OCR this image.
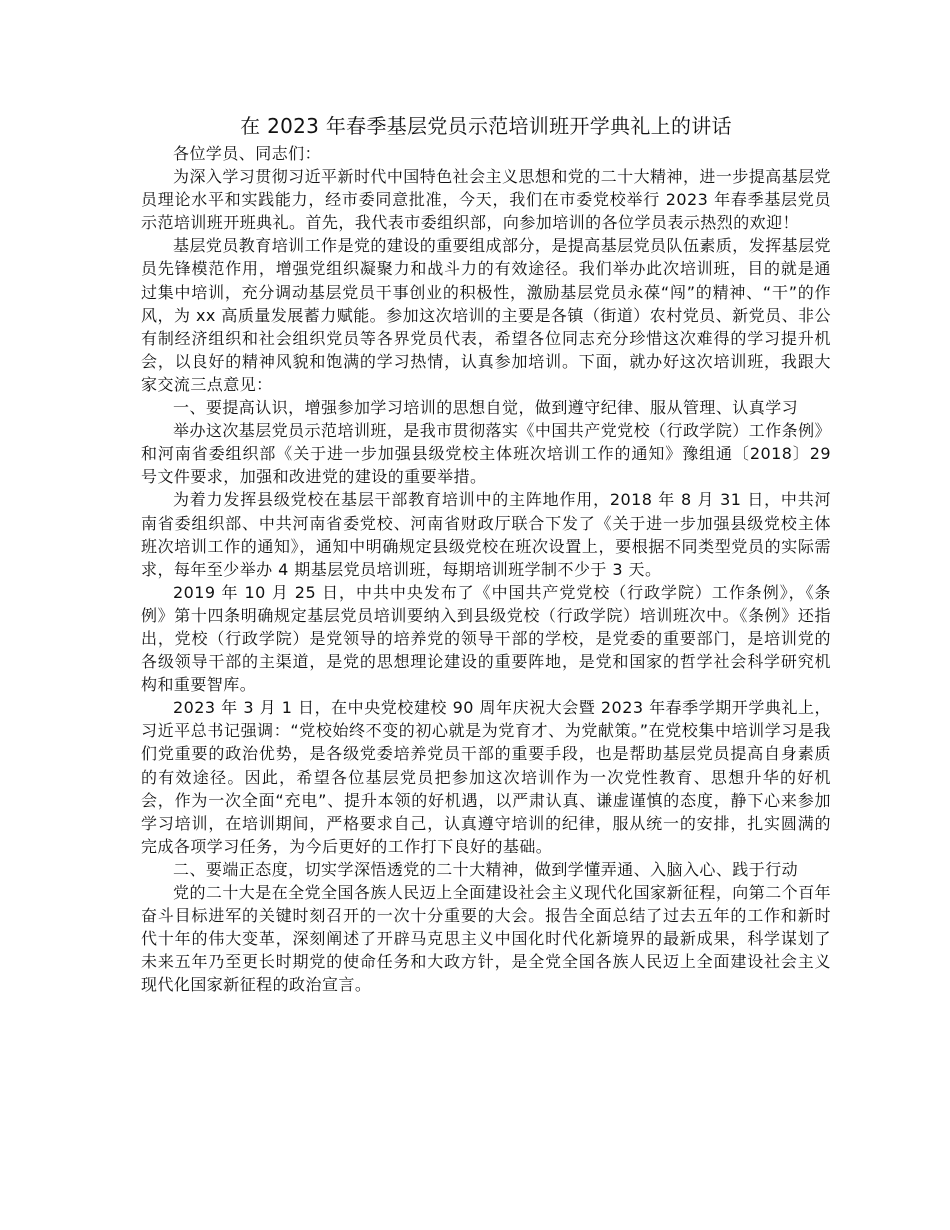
在 2023 年春季基层党员示范培训班开学典礼上的讲话

各位学员、同志们：

为深入学习贯彻习近平新时代中国特色社会主义思想和党的二十大精神，进一步提高基层党员理论水平和实践能力，经市委同意批准，今天，我们在市委党校举行 2023 年春季基层党员示范培训班开班典礼。首先，我代表市委组织部，向参加培训的各位学员表示热烈的欢迎！

基层党员教育培训工作是党的建设的重要组成部分，是提高基层党员队伍素质，发挥基层党员先锋模范作用，增强党组织凝聚力和战斗力的有效途径。我们举办此次培训班，目的就是通过集中培训，充分调动基层党员干事创业的积极性，激励基层党员永葆“闯”的精神、“干”的作风，为 xx 高质量发展蓄力赋能。参加这次培训的主要是各镇（街道）农村党员、新党员、非公有制经济组织和社会组织党员等各界党员代表，希望各位同志充分珍惜这次难得的学习提升机会，以良好的精神风貌和饱满的学习热情，认真参加培训。下面，就办好这次培训班，我跟大家交流三点意见：

一、要提高认识，增强参加学习培训的思想自觉，做到遵守纪律、服从管理、认真学习

举办这次基层党员示范培训班，是我市贯彻落实《中国共产党党校（行政学院）工作条例》和河南省委组织部《关于进一步加强县级党校主体班次培训工作的通知》豫组通〔2018〕29 号文件要求，加强和改进党的建设的重要举措。

为着力发挥县级党校在基层干部教育培训中的主阵地作用，2018 年 8 月 31 日，中共河南省委组织部、中共河南省委党校、河南省财政厅联合下发了《关于进一步加强县级党校主体班次培训工作的通知》，通知中明确规定县级党校在班次设置上，要根据不同类型党员的实际需求，每年至少举办 4 期基层党员培训班，每期培训班学制不少于 3 天。

2019 年 10 月 25 日，中共中央发布了《中国共产党党校（行政学院）工作条例》，《条例》第十四条明确规定基层党员培训要纳入到县级党校（行政学院）培训班次中。《条例》还指出，党校（行政学院）是党领导的培养党的领导干部的学校，是党委的重要部门，是培训党的各级领导干部的主渠道，是党的思想理论建设的重要阵地，是党和国家的哲学社会科学研究机构和重要智库。

2023 年 3 月 1 日，在中央党校建校 90 周年庆祝大会暨 2023 年春季学期开学典礼上，习近平总书记强调：“党校始终不变的初心就是为党育才、为党献策。”在党校集中培训学习是我们党重要的政治优势，是各级党委培养党员干部的重要手段，也是帮助基层党员提高自身素质的有效途径。因此，希望各位基层党员把参加这次培训作为一次党性教育、思想升华的好机会，作为一次全面“充电”、提升本领的好机遇，以严肃认真、谦虚谨慎的态度，静下心来参加学习培训，在培训期间，严格要求自己，认真遵守培训的纪律，服从统一的安排，扎实圆满的完成各项学习任务，为今后更好的工作打下良好的基础。

二、要端正态度，切实学深悟透党的二十大精神，做到学懂弄通、入脑入心、践于行动

党的二十大是在全党全国各族人民迈上全面建设社会主义现代化国家新征程，向第二个百年奋斗目标进军的关键时刻召开的一次十分重要的大会。报告全面总结了过去五年的工作和新时代十年的伟大变革，深刻阐述了开辟马克思主义中国化时代化新境界的最新成果，科学谋划了未来五年乃至更长时期党的使命任务和大政方针，是全党全国各族人民迈上全面建设社会主义现代化国家新征程的政治宣言。
